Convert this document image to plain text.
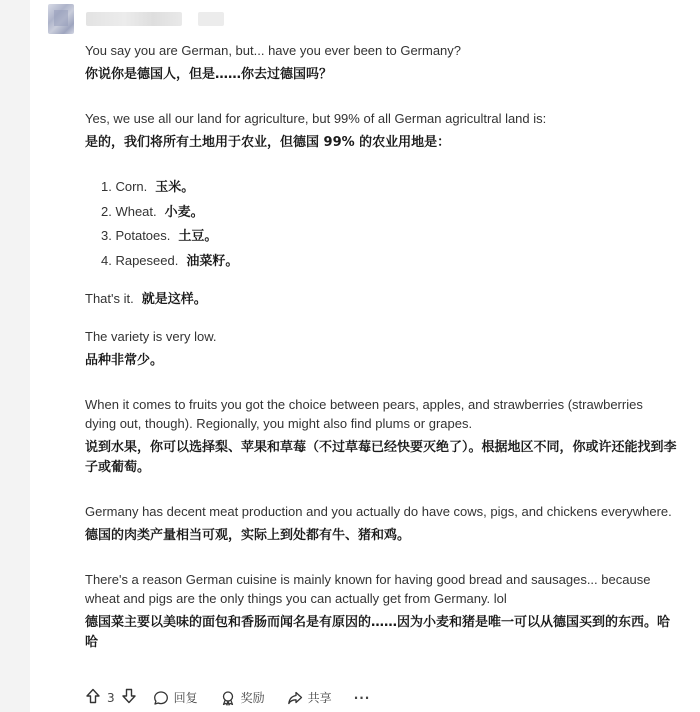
You say you are German, but... have you ever been to Germany?

你说你是德国人，但是……你去过德国吗？

Yes, we use all our land for agriculture, but 99% of all German agricultral land is:

是的，我们将所有土地用于农业，但德国 99% 的农业用地是：

1. Corn. 玉米。
2. Wheat. 小麦。
3. Potatoes. 土豆。
4. Rapeseed. 油菜籽。

That's it. 就是这样。

The variety is very low.

品种非常少。

When it comes to fruits you got the choice between pears, apples, and strawberries (strawberries dying out, though). Regionally, you might also find plums or grapes.

说到水果，你可以选择梨、苹果和草莓（不过草莓已经快要灭绝了）。根据地区不同，你或许还能找到李子或葡萄。

Germany has decent meat production and you actually do have cows, pigs, and chickens everywhere.

德国的肉类产量相当可观，实际上到处都有牛、猪和鸡。

There's a reason German cuisine is mainly known for having good bread and sausages... because wheat and pigs are the only things you can actually get from Germany. lol

德国菜主要以美味的面包和香肠而闻名是有原因的……因为小麦和猪是唯一可以从德国买到的东西。哈哈

3	回复	奖励	共享 ···
